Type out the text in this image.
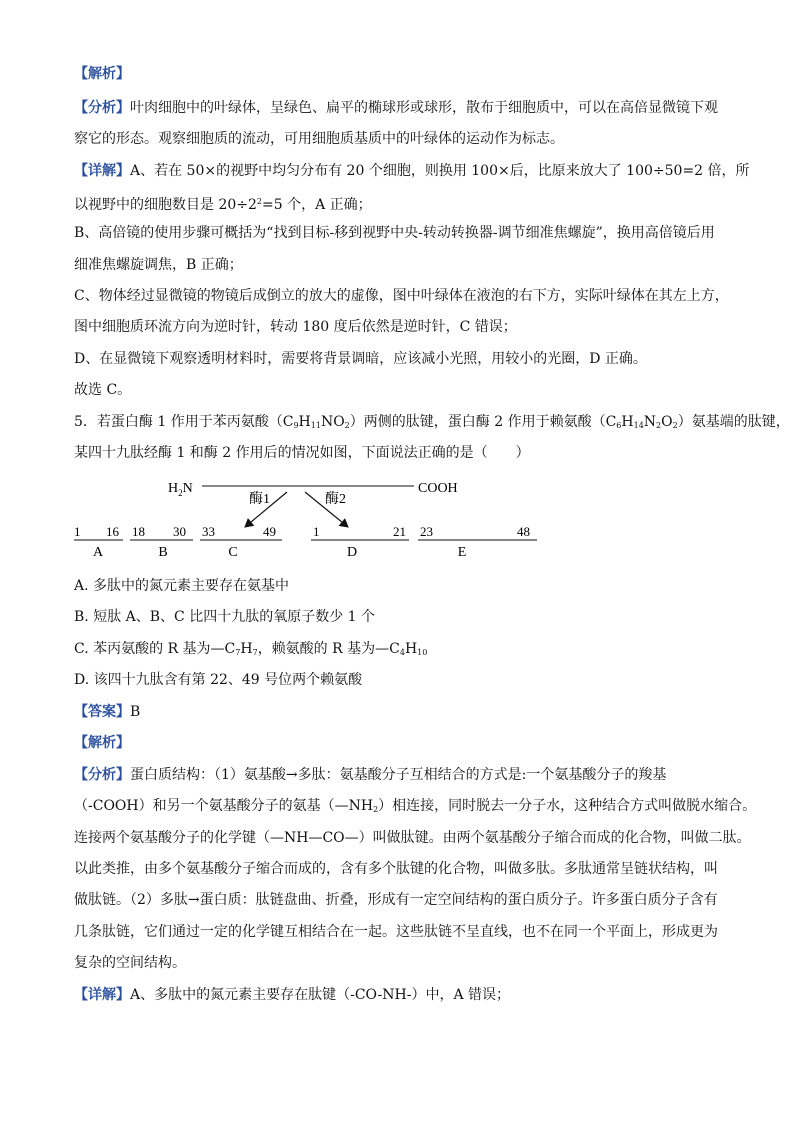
【解析】
【分析】叶肉细胞中的叶绿体，呈绿色、扁平的椭球形或球形，散布于细胞质中，可以在高倍显微镜下观
察它的形态。观察细胞质的流动，可用细胞质基质中的叶绿体的运动作为标志。
【详解】A、若在 50×的视野中均匀分布有 20 个细胞，则换用 100×后，比原来放大了 100÷50=2 倍，所
以视野中的细胞数目是 $20\div 2^2=5$ 个，A 正确；
B、高倍镜的使用步骤可概括为“找到目标-移到视野中央-转动转换器-调节细准焦螺旋”，换用高倍镜后用
细准焦螺旋调焦，B 正确；
C、物体经过显微镜的物镜后成倒立的放大的虚像，图中叶绿体在液泡的右下方，实际叶绿体在其左上方，
图中细胞质环流方向为逆时针，转动 180 度后依然是逆时针，C 错误；
D、在显微镜下观察透明材料时，需要将背景调暗，应该减小光照，用较小的光圈，D 正确。
故选 C。
5．若蛋白酶 1 作用于苯丙氨酸（C9H11NO2）两侧的肽键，蛋白酶 2 作用于赖氨酸（C6H14N2O2）氨基端的肽键，
某四十九肽经酶 1 和酶 2 作用后的情况如图，下面说法正确的是（　　）
$H_2N$	COOH
酶1	酶2
1 16
A
18 30
B
33	49
C
1	21
D
23	48
E
A. 多肽中的氮元素主要存在氨基中
B. 短肽 A、B、C 比四十九肽的氧原子数少 1 个
C. 苯丙氨酸的 R 基为—C7H7，赖氨酸的 R 基为—C4H10
D. 该四十九肽含有第 22、49 号位两个赖氨酸
【答案】B
【解析】
【分析】蛋白质结构：（1）氨基酸→多肽：氨基酸分子互相结合的方式是:一个氨基酸分子的羧基
（-COOH）和另一个氨基酸分子的氨基（—NH2）相连接，同时脱去一分子水，这种结合方式叫做脱水缩合。
连接两个氨基酸分子的化学键（—NH—CO—）叫做肽键。由两个氨基酸分子缩合而成的化合物，叫做二肽。
以此类推，由多个氨基酸分子缩合而成的，含有多个肽键的化合物，叫做多肽。多肽通常呈链状结构，叫
做肽链。（2）多肽→蛋白质：肽链盘曲、折叠，形成有一定空间结构的蛋白质分子。许多蛋白质分子含有
几条肽链，它们通过一定的化学键互相结合在一起。这些肽链不呈直线，也不在同一个平面上，形成更为
复杂的空间结构。
【详解】A、多肽中的氮元素主要存在肽键（-CO-NH-）中，A 错误；
